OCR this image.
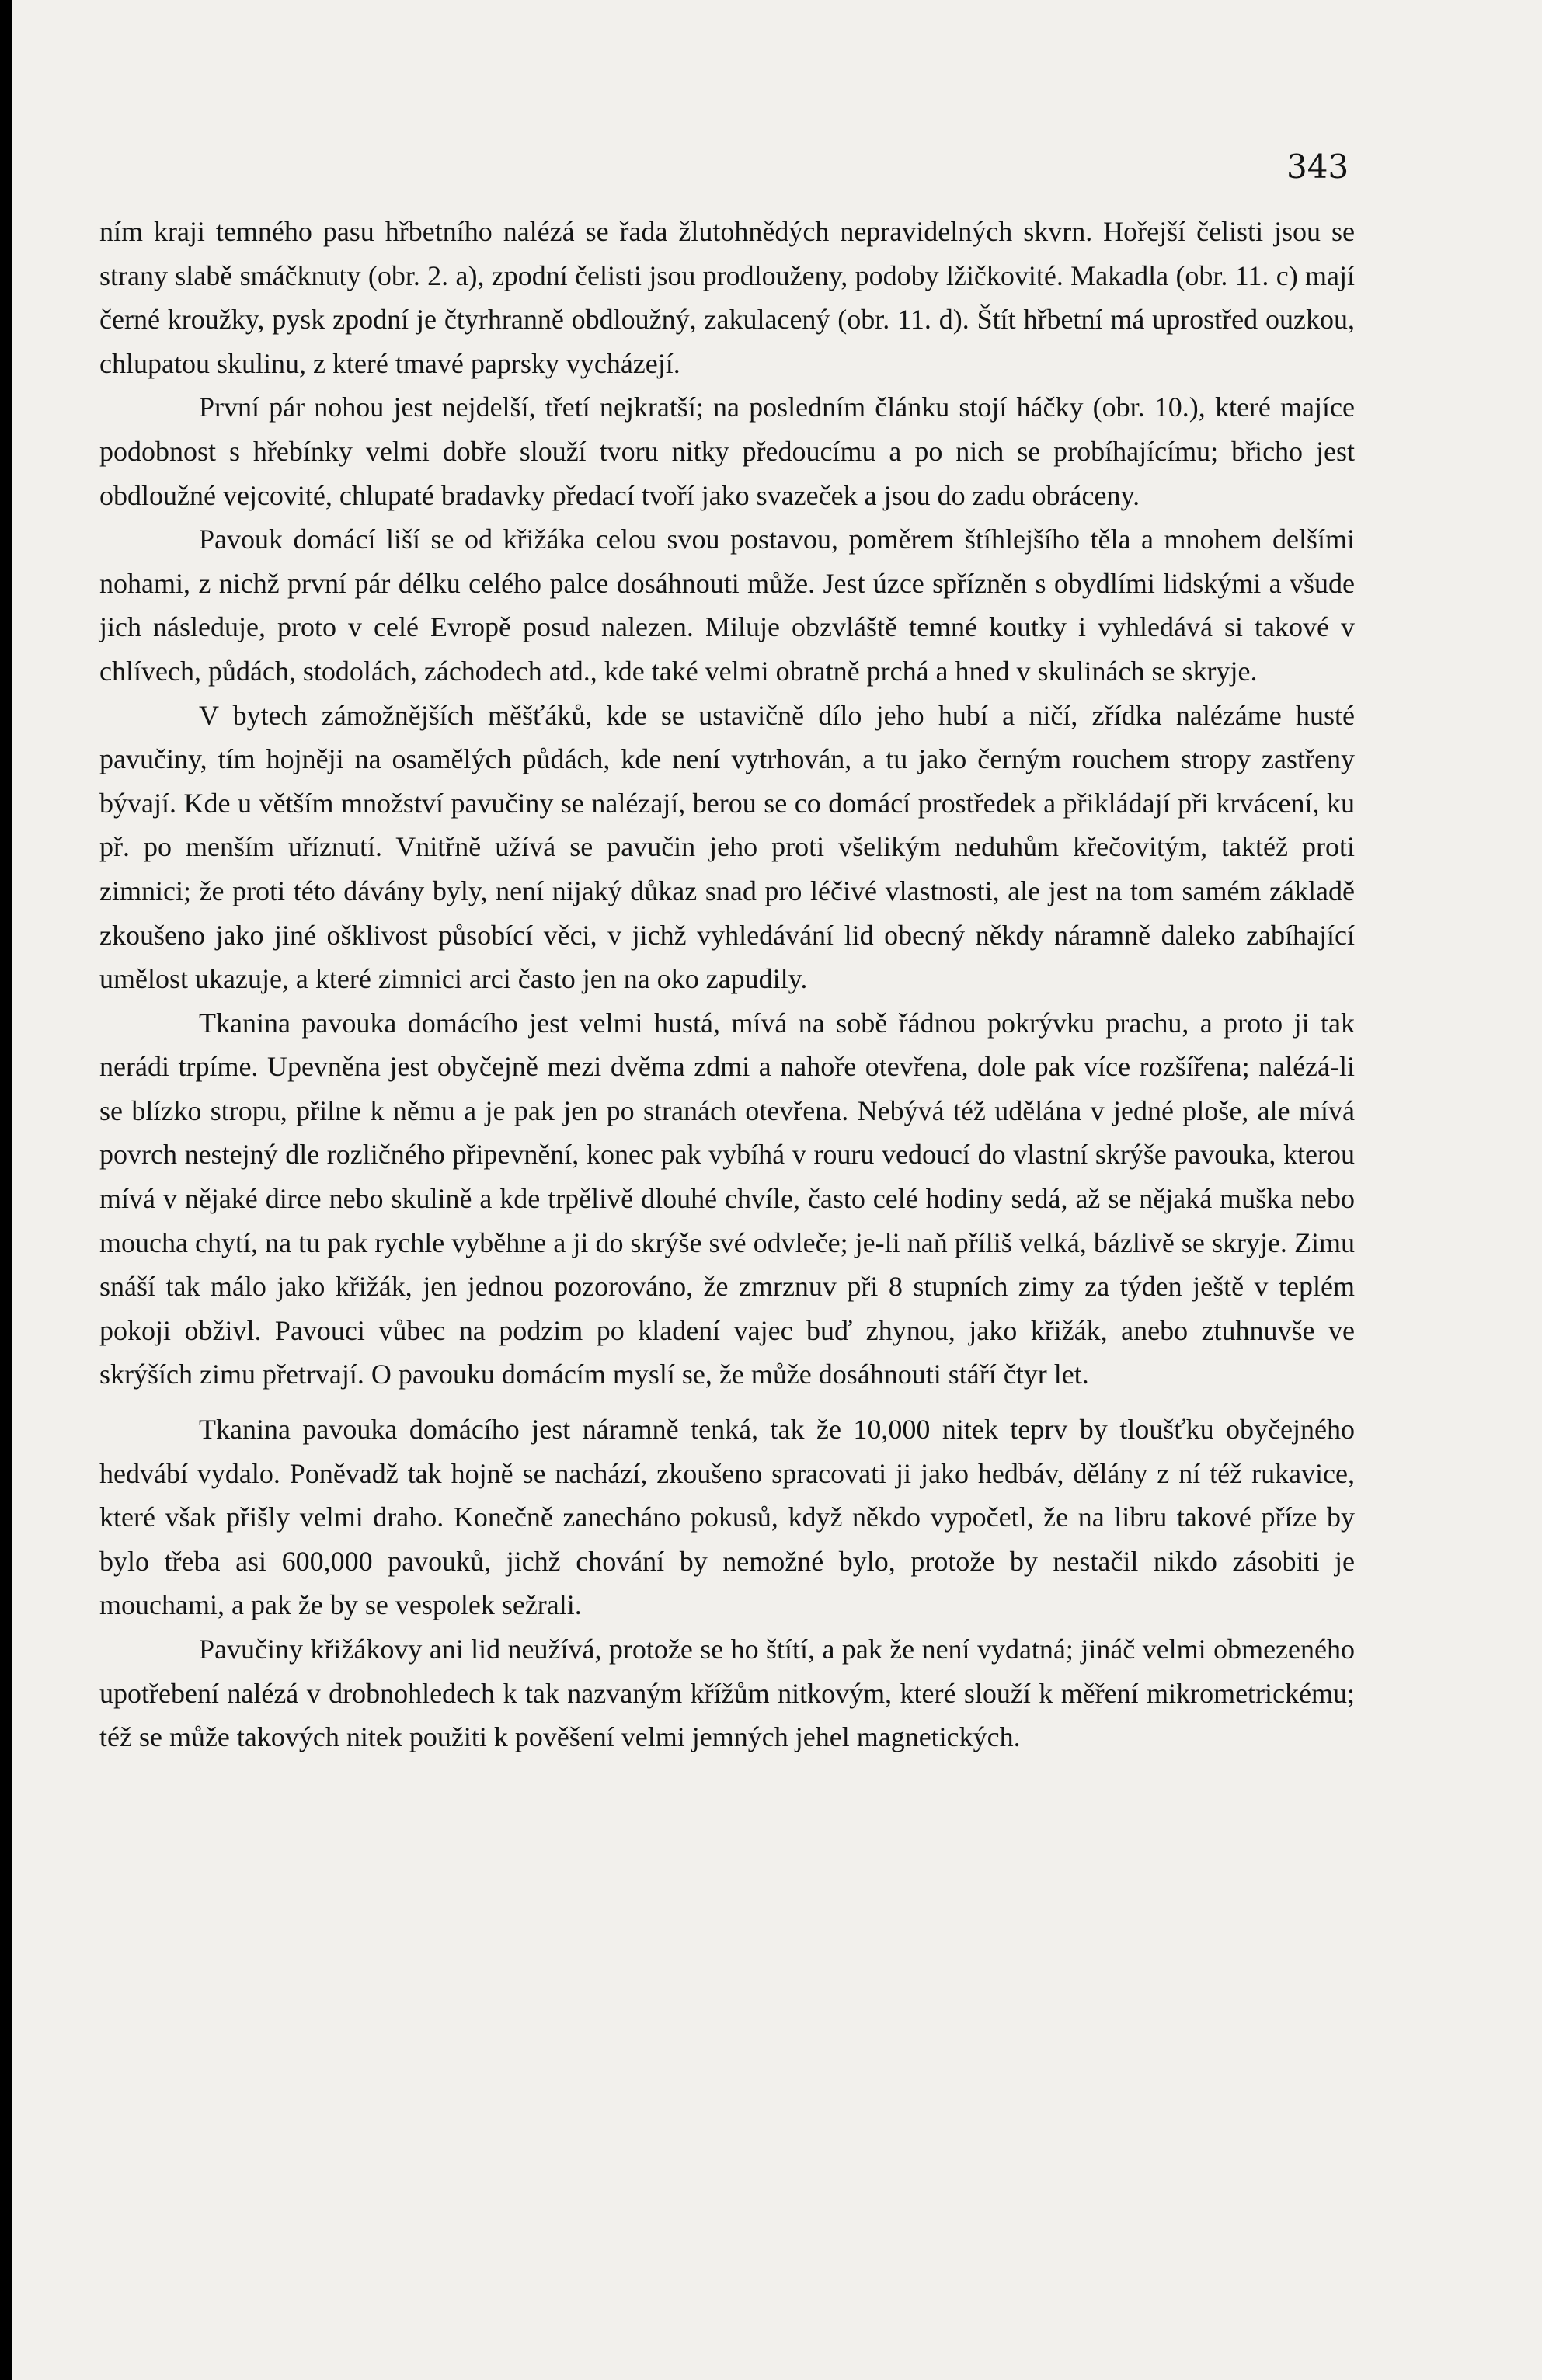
343

ním kraji temného pasu hřbetního nalézá se řada žlutohnědých nepravidelných skvrn. Hořejší čelisti jsou se strany slabě smáčknuty (obr. 2. a), zpodní čelisti jsou prodlouženy, podoby lžičkovité. Makadla (obr. 11. c) mají černé kroužky, pysk zpodní je čtyrhranně obdloužný, zakulacený (obr. 11. d). Štít hřbetní má uprostřed ouzkou, chlupatou skulinu, z které tmavé paprsky vycházejí.

První pár nohou jest nejdelší, třetí nejkratší; na posledním článku stojí háčky (obr. 10.), které majíce podobnost s hřebínky velmi dobře slouží tvoru nitky předoucímu a po nich se probíhajícímu; břicho jest obdloužné vejcovité, chlupaté bradavky předací tvoří jako svazeček a jsou do zadu obráceny.

Pavouk domácí liší se od křižáka celou svou postavou, poměrem štíhlejšího těla a mnohem delšími nohami, z nichž první pár délku celého palce dosáhnouti může. Jest úzce spřízněn s obydlími lidskými a všude jich následuje, proto v celé Evropě posud nalezen. Miluje obzvláště temné koutky i vyhledává si takové v chlívech, půdách, stodolách, záchodech atd., kde také velmi obratně prchá a hned v skulinách se skryje.

V bytech zámožnějších měšťáků, kde se ustavičně dílo jeho hubí a ničí, zřídka nalézáme husté pavučiny, tím hojněji na osamělých půdách, kde není vytrhován, a tu jako černým rouchem stropy zastřeny bývají. Kde u větším množství pavučiny se nalézají, berou se co domácí prostředek a přikládají při krvácení, ku př. po menším uříznutí. Vnitřně užívá se pavučin jeho proti všelikým neduhům křečovitým, taktéž proti zimnici; že proti této dávány byly, není nijaký důkaz snad pro léčivé vlastnosti, ale jest na tom samém základě zkoušeno jako jiné ošklivost působící věci, v jichž vyhledávání lid obecný někdy náramně daleko zabíhající umělost ukazuje, a které zimnici arci často jen na oko zapudily.

Tkanina pavouka domácího jest velmi hustá, mívá na sobě řádnou pokrývku prachu, a proto ji tak nerádi trpíme. Upevněna jest obyčejně mezi dvěma zdmi a nahoře otevřena, dole pak více rozšířena; nalézá-li se blízko stropu, přilne k němu a je pak jen po stranách otevřena. Nebývá též udělána v jedné ploše, ale mívá povrch nestejný dle rozličného připevnění, konec pak vybíhá v rouru vedoucí do vlastní skrýše pavouka, kterou mívá v nějaké dirce nebo skulině a kde trpělivě dlouhé chvíle, často celé hodiny sedá, až se nějaká muška nebo moucha chytí, na tu pak rychle vyběhne a ji do skrýše své odvleče; je-li naň příliš velká, bázlivě se skryje. Zimu snáší tak málo jako křižák, jen jednou pozorováno, že zmrznuv při 8 stupních zimy za týden ještě v teplém pokoji obživl. Pavouci vůbec na podzim po kladení vajec buď zhynou, jako křižák, anebo ztuhnuvše ve skrýších zimu přetrvají. O pavouku domácím myslí se, že může dosáhnouti stáří čtyr let.

Tkanina pavouka domácího jest náramně tenká, tak že 10,000 nitek teprv by tloušťku obyčejného hedvábí vydalo. Poněvadž tak hojně se nachází, zkoušeno spracovati ji jako hedbáv, dělány z ní též rukavice, které však přišly velmi draho. Konečně zanecháno pokusů, když někdo vypočetl, že na libru takové příze by bylo třeba asi 600,000 pavouků, jichž chování by nemožné bylo, protože by nestačil nikdo zásobiti je mouchami, a pak že by se vespolek sežrali.

Pavučiny křižákovy ani lid neužívá, protože se ho štítí, a pak že není vydatná; jináč velmi obmezeného upotřebení nalézá v drobnohledech k tak nazvaným křížům nitkovým, které slouží k měření mikrometrickému; též se může takových nitek použiti k pověšení velmi jemných jehel magnetických.
